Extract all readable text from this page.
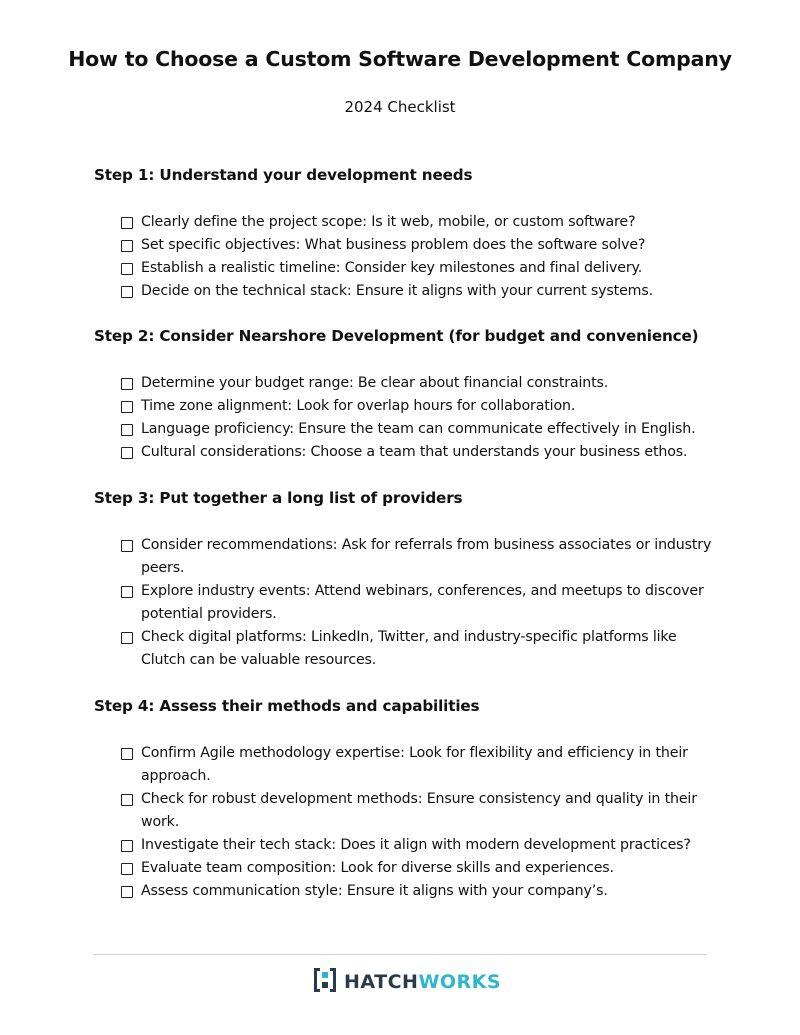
How to Choose a Custom Software Development Company

2024 Checklist

Step 1: Understand your development needs
Clearly define the project scope: Is it web, mobile, or custom software?
Set specific objectives: What business problem does the software solve?
Establish a realistic timeline: Consider key milestones and final delivery.
Decide on the technical stack: Ensure it aligns with your current systems.
Step 2: Consider Nearshore Development (for budget and convenience)
Determine your budget range: Be clear about financial constraints.
Time zone alignment: Look for overlap hours for collaboration.
Language proficiency: Ensure the team can communicate effectively in English.
Cultural considerations: Choose a team that understands your business ethos.
Step 3: Put together a long list of providers
Consider recommendations: Ask for referrals from business associates or industry peers.
Explore industry events: Attend webinars, conferences, and meetups to discover potential providers.
Check digital platforms: LinkedIn, Twitter, and industry-specific platforms like Clutch can be valuable resources.
Step 4: Assess their methods and capabilities
Confirm Agile methodology expertise: Look for flexibility and efficiency in their approach.
Check for robust development methods: Ensure consistency and quality in their work.
Investigate their tech stack: Does it align with modern development practices?
Evaluate team composition: Look for diverse skills and experiences.
Assess communication style: Ensure it aligns with your company’s.
HATCHWORKS
